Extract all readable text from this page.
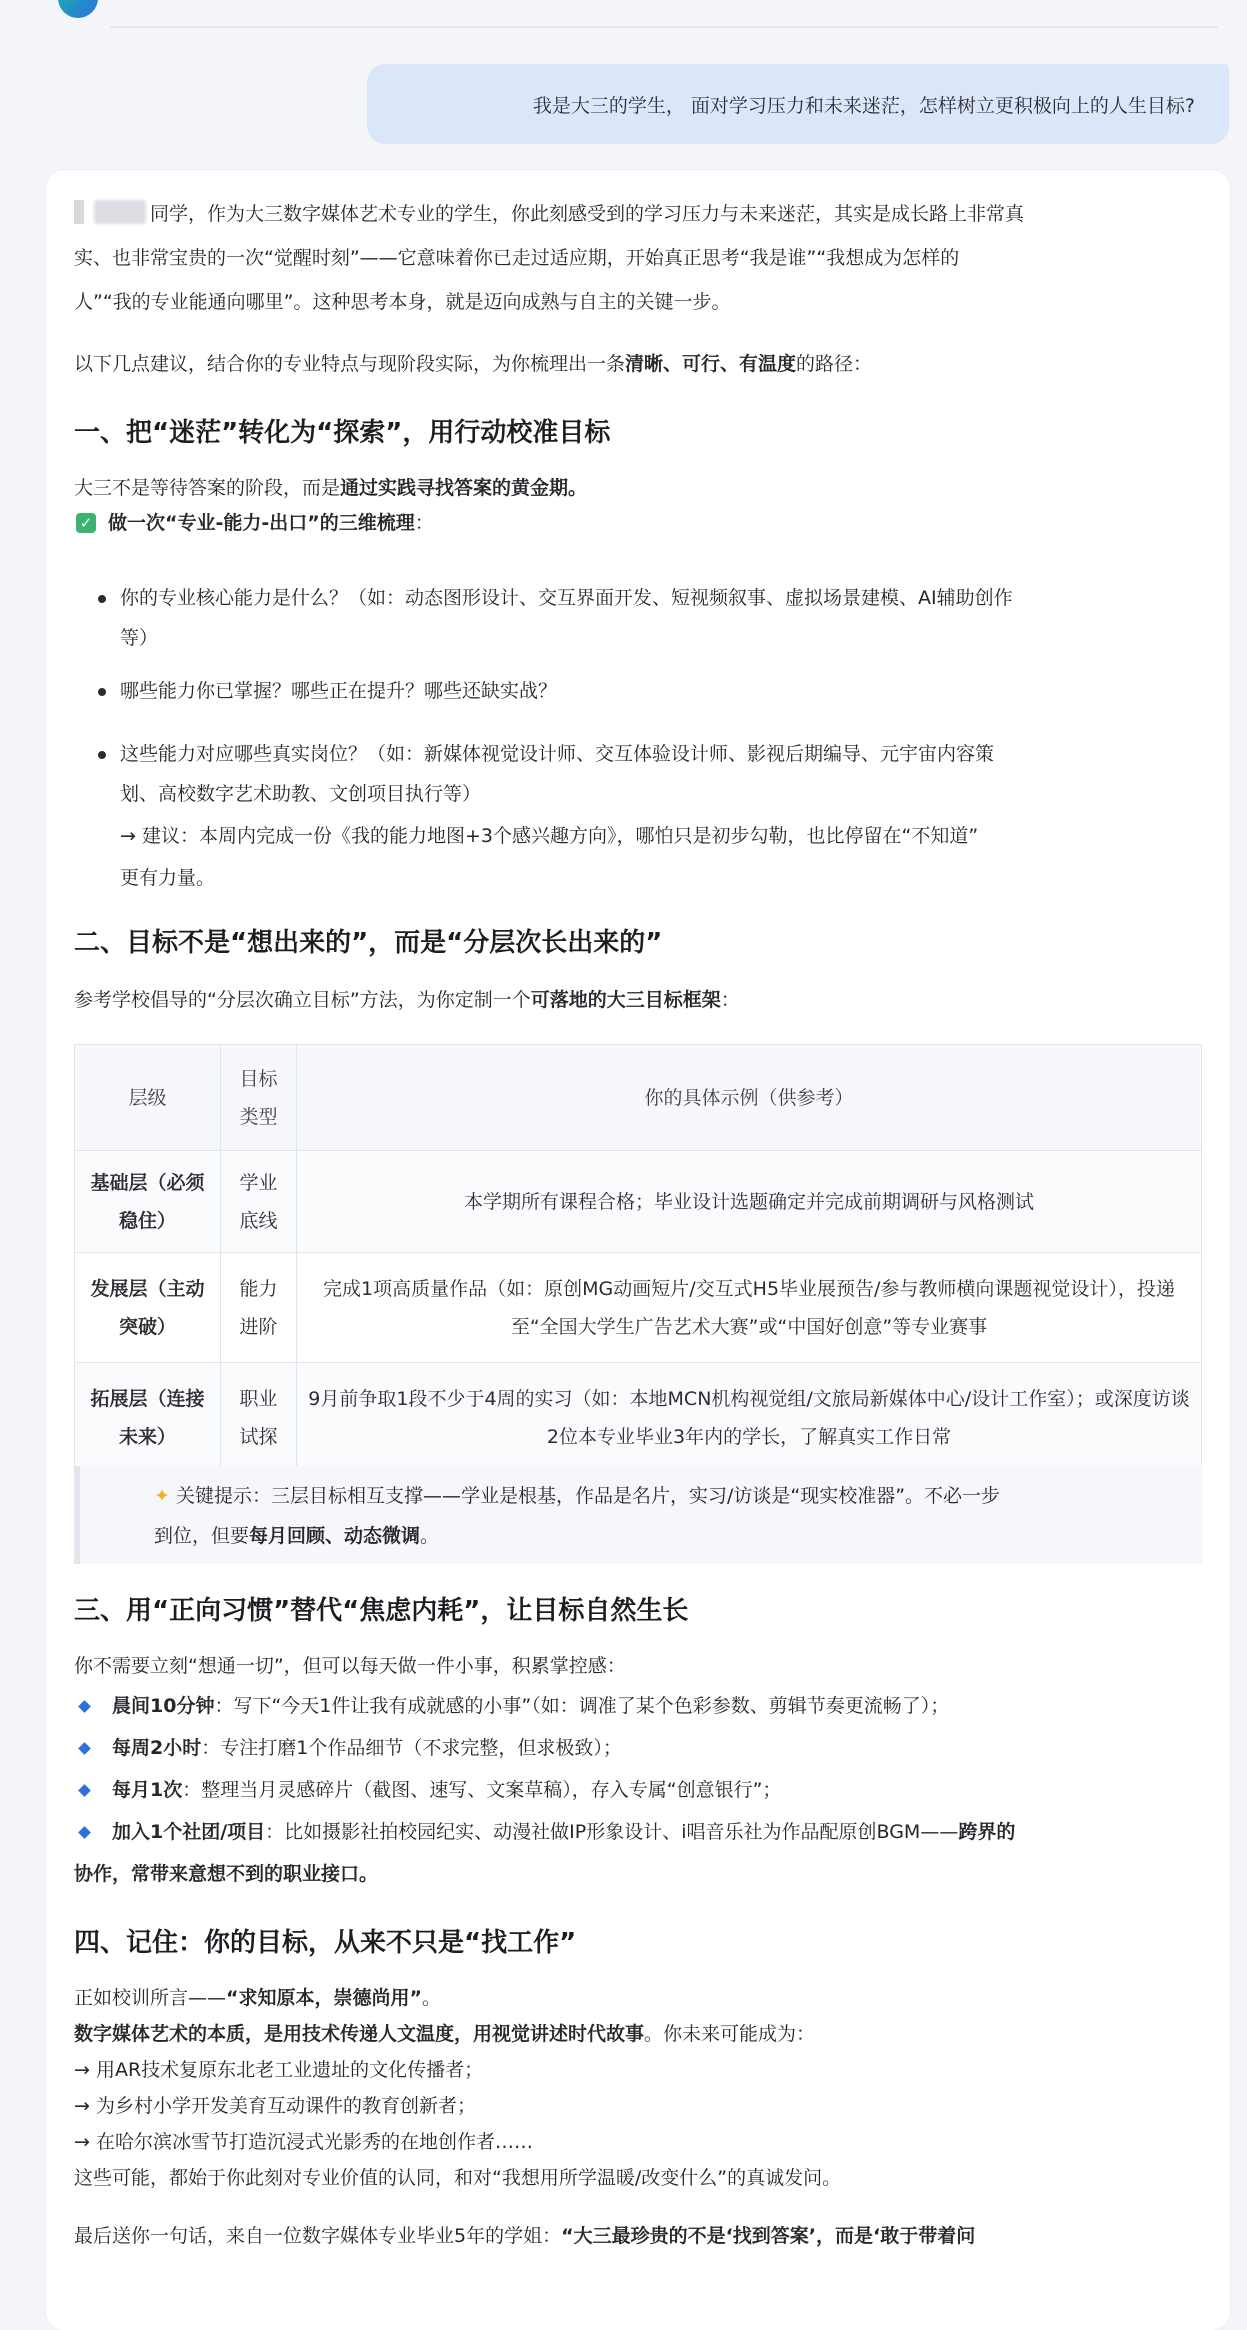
我是大三的学生， 面对学习压力和未来迷茫，怎样树立更积极向上的人生目标?
同学，作为大三数字媒体艺术专业的学生，你此刻感受到的学习压力与未来迷茫，其实是成长路上非常真
实、也非常宝贵的一次“觉醒时刻”——它意味着你已走过适应期，开始真正思考“我是谁”“我想成为怎样的
人”“我的专业能通向哪里”。这种思考本身，就是迈向成熟与自主的关键一步。
以下几点建议，结合你的专业特点与现阶段实际，为你梳理出一条清晰、可行、有温度的路径：
一、把“迷茫”转化为“探索”，用行动校准目标
大三不是等待答案的阶段，而是通过实践寻找答案的黄金期。
✓ 做一次“专业-能力-出口”的三维梳理：
你的专业核心能力是什么？（如：动态图形设计、交互界面开发、短视频叙事、虚拟场景建模、AI辅助创作
等）
哪些能力你已掌握？哪些正在提升？哪些还缺实战？
这些能力对应哪些真实岗位？（如：新媒体视觉设计师、交互体验设计师、影视后期编导、元宇宙内容策
划、高校数字艺术助教、文创项目执行等）
→ 建议：本周内完成一份《我的能力地图+3个感兴趣方向》，哪怕只是初步勾勒，也比停留在“不知道”
更有力量。
二、目标不是“想出来的”，而是“分层次长出来的”
参考学校倡导的“分层次确立目标”方法，为你定制一个可落地的大三目标框架：
层级	目标类型	你的具体示例（供参考）
基础层（必须稳住）	学业底线	本学期所有课程合格；毕业设计选题确定并完成前期调研与风格测试
发展层（主动突破）	能力进阶	完成1项高质量作品（如：原创MG动画短片/交互式H5毕业展预告/参与教师横向课题视觉设计），投递至“全国大学生广告艺术大赛”或“中国好创意”等专业赛事
拓展层（连接未来）	职业试探	9月前争取1段不少于4周的实习（如：本地MCN机构视觉组/文旅局新媒体中心/设计工作室）；或深度访谈2位本专业毕业3年内的学长，了解真实工作日常
✦ 关键提示：三层目标相互支撑——学业是根基，作品是名片，实习/访谈是“现实校准器”。不必一步
到位，但要每月回顾、动态微调。
三、用“正向习惯”替代“焦虑内耗”，让目标自然生长
你不需要立刻“想通一切”，但可以每天做一件小事，积累掌控感：
晨间10分钟：写下“今天1件让我有成就感的小事”（如：调准了某个色彩参数、剪辑节奏更流畅了）；
每周2小时：专注打磨1个作品细节（不求完整，但求极致）；
每月1次：整理当月灵感碎片（截图、速写、文案草稿），存入专属“创意银行”；
加入1个社团/项目：比如摄影社拍校园纪实、动漫社做IP形象设计、i唱音乐社为作品配原创BGM——跨界的
协作，常带来意想不到的职业接口。
四、记住：你的目标，从来不只是“找工作”
正如校训所言——“求知原本，崇德尚用”。
数字媒体艺术的本质，是用技术传递人文温度，用视觉讲述时代故事。你未来可能成为：
→ 用AR技术复原东北老工业遗址的文化传播者；
→ 为乡村小学开发美育互动课件的教育创新者；
→ 在哈尔滨冰雪节打造沉浸式光影秀的在地创作者……
这些可能，都始于你此刻对专业价值的认同，和对“我想用所学温暖/改变什么”的真诚发问。
最后送你一句话，来自一位数字媒体专业毕业5年的学姐：“大三最珍贵的不是‘找到答案’，而是‘敢于带着问
